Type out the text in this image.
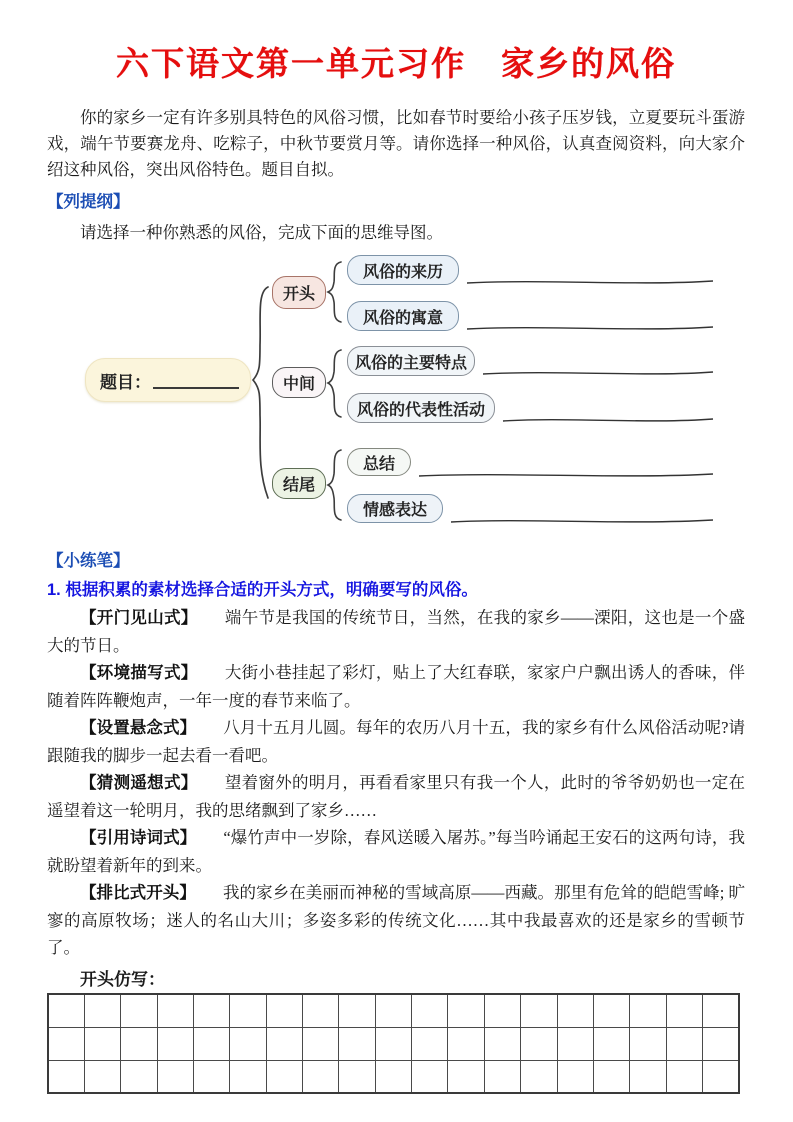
六下语文第一单元习作　家乡的风俗

你的家乡一定有许多别具特色的风俗习惯，比如春节时要给小孩子压岁钱，立夏要玩斗蛋游戏，端午节要赛龙舟、吃粽子，中秋节要赏月等。请你选择一种风俗，认真查阅资料，向大家介绍这种风俗，突出风俗特色。题目自拟。

【列提纲】

请选择一种你熟悉的风俗，完成下面的思维导图。

题目：
开头
中间
结尾
风俗的来历
风俗的寓意
风俗的主要特点
风俗的代表性活动
总结
情感表达
【小练笔】
1. 根据积累的素材选择合适的开头方式，明确要写的风俗。

【开门见山式】 端午节是我国的传统节日，当然，在我的家乡——溧阳，这也是一个盛大的节日。

【环境描写式】 大街小巷挂起了彩灯，贴上了大红春联，家家户户飘出诱人的香味，伴随着阵阵鞭炮声，一年一度的春节来临了。

【设置悬念式】 八月十五月儿圆。每年的农历八月十五，我的家乡有什么风俗活动呢?请跟随我的脚步一起去看一看吧。

【猜测遥想式】 望着窗外的明月，再看看家里只有我一个人，此时的爷爷奶奶也一定在遥望着这一轮明月，我的思绪飘到了家乡……

【引用诗词式】 “爆竹声中一岁除，春风送暖入屠苏。”每当吟诵起王安石的这两句诗，我就盼望着新年的到来。

【排比式开头】 我的家乡在美丽而神秘的雪域高原——西藏。那里有危耸的皑皑雪峰; 旷寥的高原牧场；迷人的名山大川；多姿多彩的传统文化……其中我最喜欢的还是家乡的雪顿节了。

开头仿写：
